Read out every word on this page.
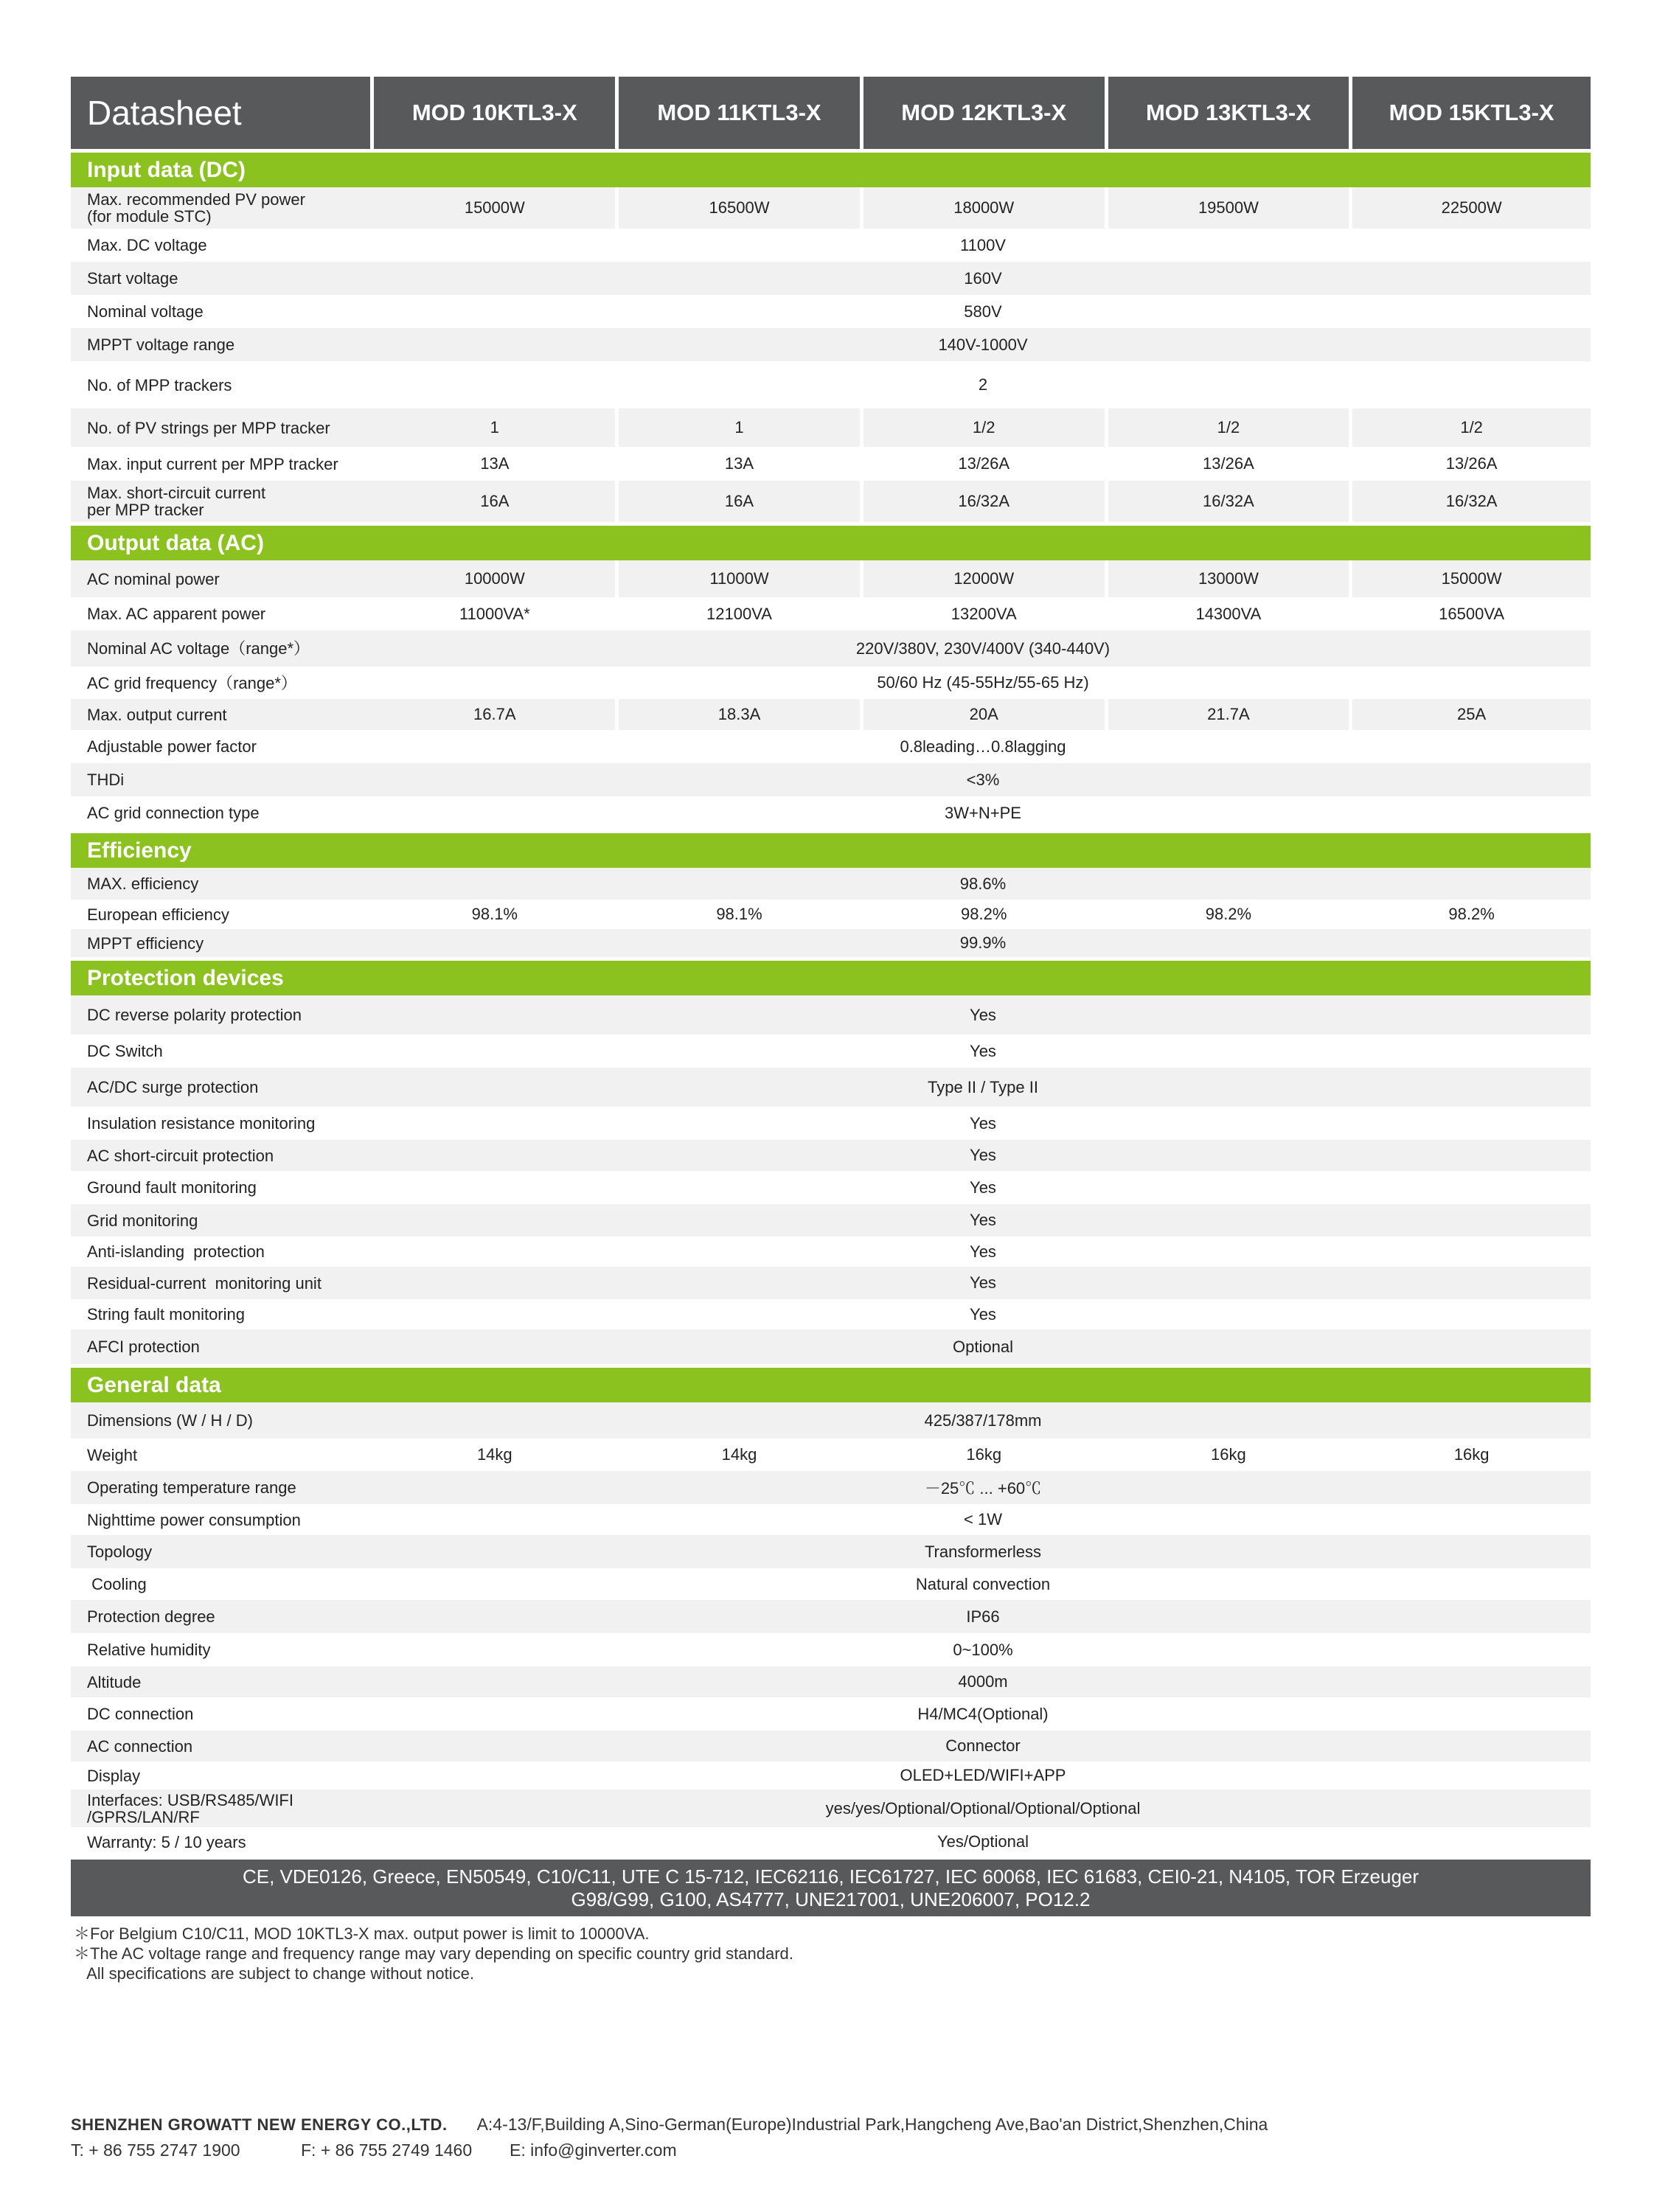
Datasheet	MOD 10KTL3-X	MOD 11KTL3-X	MOD 12KTL3-X	MOD 13KTL3-X	MOD 15KTL3-X
Input data (DC)
Max. recommended PV power
(for module STC)	15000W	16500W	18000W	19500W	22500W
Max. DC voltage	1100V
Start voltage	160V
Nominal voltage	580V
MPPT voltage range	140V-1000V
No. of MPP trackers	2
No. of PV strings per MPP tracker	1	1	1/2	1/2	1/2
Max. input current per MPP tracker	13A	13A	13/26A	13/26A	13/26A
Max. short-circuit current
per MPP tracker	16A	16A	16/32A	16/32A	16/32A
Output data (AC)
AC nominal power	10000W	11000W	12000W	13000W	15000W
Max. AC apparent power	11000VA*	12100VA	13200VA	14300VA	16500VA
Nominal AC voltage（range*）	220V/380V, 230V/400V (340-440V)
AC grid frequency（range*）	50/60 Hz (45-55Hz/55-65 Hz)
Max. output current	16.7A	18.3A	20A	21.7A	25A
Adjustable power factor	0.8leading…0.8lagging
THDi	<3%
AC grid connection type	3W+N+PE
Efficiency
MAX. efficiency	98.6%
European efficiency	98.1%	98.1%	98.2%	98.2%	98.2%
MPPT efficiency	99.9%
Protection devices
DC reverse polarity protection	Yes
DC Switch	Yes
AC/DC surge protection	Type II / Type II
Insulation resistance monitoring	Yes
AC short-circuit protection	Yes
Ground fault monitoring	Yes
Grid monitoring	Yes
Anti-islanding  protection	Yes
Residual-current  monitoring unit	Yes
String fault monitoring	Yes
AFCI protection	Optional
General data
Dimensions (W / H / D)	425/387/178mm
Weight	14kg	14kg	16kg	16kg	16kg
Operating temperature range	－25℃ ... +60℃
Nighttime power consumption	< 1W
Topology	Transformerless
Cooling	Natural convection
Protection degree	IP66
Relative humidity	0~100%
Altitude	4000m
DC connection	H4/MC4(Optional)
AC connection	Connector
Display	OLED+LED/WIFI+APP
Interfaces: USB/RS485/WIFI
/GPRS/LAN/RF	yes/yes/Optional/Optional/Optional/Optional
Warranty: 5 / 10 years	Yes/Optional
CE, VDE0126, Greece, EN50549, C10/C11, UTE C 15-712, IEC62116, IEC61727, IEC 60068, IEC 61683, CEI0-21, N4105, TOR Erzeuger
G98/G99, G100, AS4777, UNE217001, UNE206007, PO12.2
＊For Belgium C10/C11, MOD 10KTL3-X max. output power is limit to 10000VA.
＊The AC voltage range and frequency range may vary depending on specific country grid standard.
All specifications are subject to change without notice.
SHENZHEN GROWATT NEW ENERGY CO.,LTD. A:4-13/F,Building A,Sino-German(Europe)Industrial Park,Hangcheng Ave,Bao'an District,Shenzhen,China
T: + 86 755 2747 1900	F: + 86 755 2749 1460	E: info@ginverter.com
